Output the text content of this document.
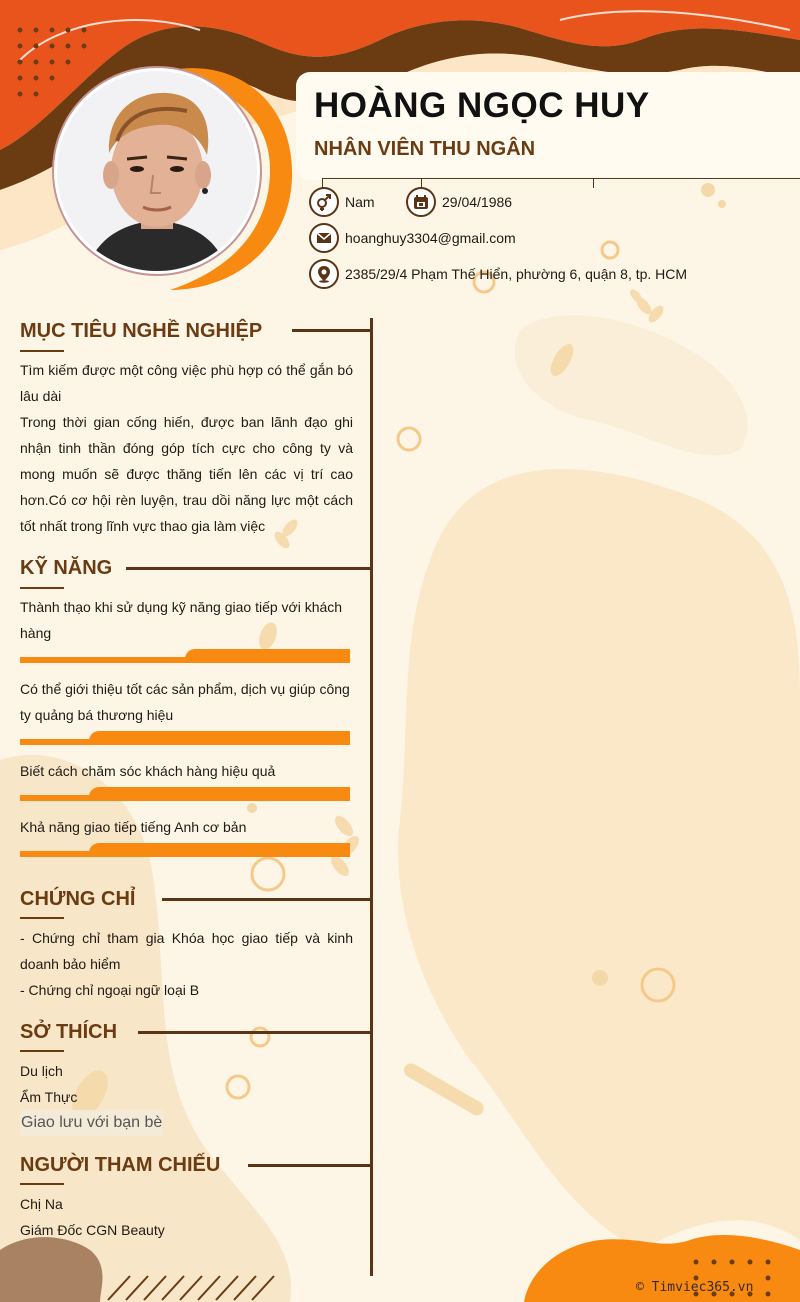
HOÀNG NGỌC HUY
NHÂN VIÊN THU NGÂN
Nam	29/04/1986
hoanghuy3304@gmail.com
2385/29/4 Phạm Thế Hiển, phường 6, quận 8, tp. HCM
MỤC TIÊU NGHỀ NGHIỆP
Tìm kiếm được một công việc phù hợp có thể gắn bó lâu dài
Trong thời gian cống hiến, được ban lãnh đạo ghi nhận tinh thần đóng góp tích cực cho công ty và mong muốn sẽ được thăng tiến lên các vị trí cao hơn.Có cơ hội rèn luyện, trau dồi năng lực một cách tốt nhất trong lĩnh vực thao gia làm việc
KỸ NĂNG
Thành thạo khi sử dụng kỹ năng giao tiếp với khách hàng
Có thể giới thiệu tốt các sản phẩm, dịch vụ giúp công ty quảng bá thương hiệu
Biết cách chăm sóc khách hàng hiệu quả
Khả năng giao tiếp tiếng Anh cơ bản
CHỨNG CHỈ
- Chứng chỉ tham gia Khóa học giao tiếp và kinh doanh bảo hiểm
- Chứng chỉ ngoại ngữ loại B
SỞ THÍCH
Du lịch
Ẩm Thực
Giao lưu với bạn bè
NGƯỜI THAM CHIẾU
Chị Na
Giám Đốc CGN Beauty
© Timviec365.vn
